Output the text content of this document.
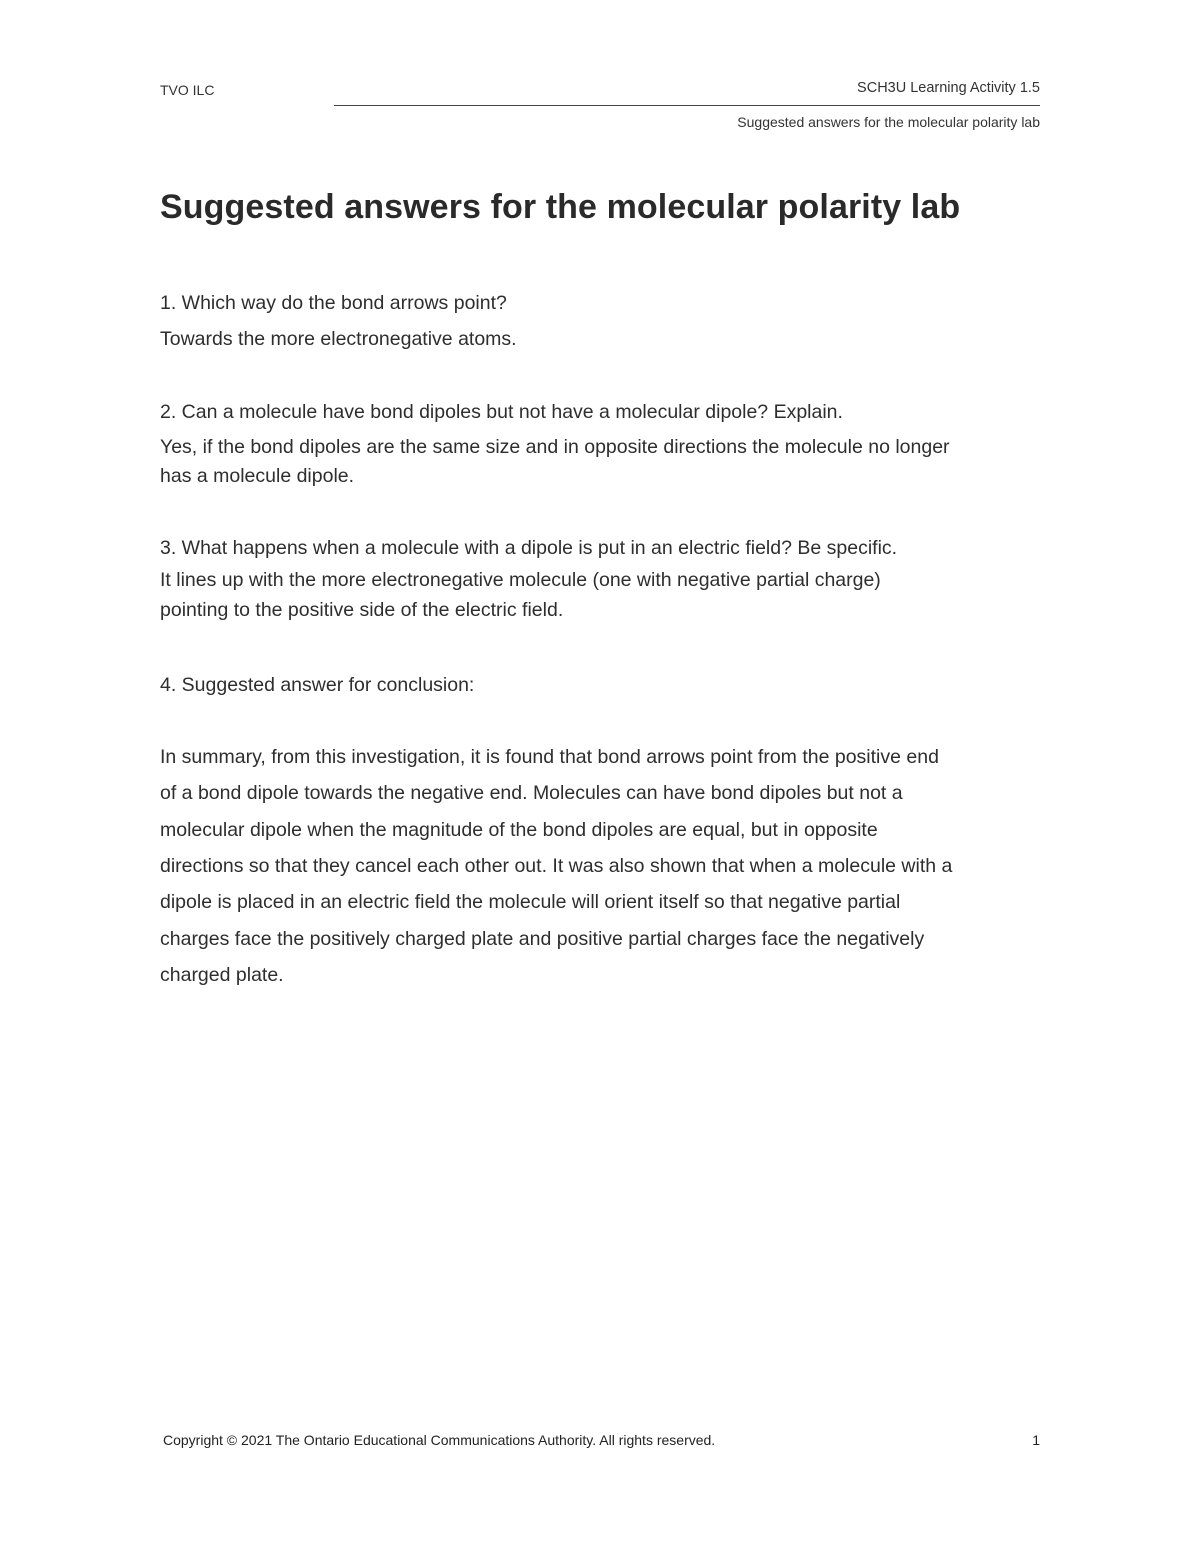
TVO ILC	SCH3U Learning Activity 1.5
Suggested answers for the molecular polarity lab
Suggested answers for the molecular polarity lab
1. Which way do the bond arrows point?
Towards the more electronegative atoms.
2. Can a molecule have bond dipoles but not have a molecular dipole? Explain.
Yes, if the bond dipoles are the same size and in opposite directions the molecule no longer
has a molecule dipole.
3. What happens when a molecule with a dipole is put in an electric field? Be specific.
It lines up with the more electronegative molecule (one with negative partial charge)
pointing to the positive side of the electric field.
4. Suggested answer for conclusion:
In summary, from this investigation, it is found that bond arrows point from the positive end
of a bond dipole towards the negative end. Molecules can have bond dipoles but not a
molecular dipole when the magnitude of the bond dipoles are equal, but in opposite
directions so that they cancel each other out. It was also shown that when a molecule with a
dipole is placed in an electric field the molecule will orient itself so that negative partial
charges face the positively charged plate and positive partial charges face the negatively
charged plate.
Copyright © 2021 The Ontario Educational Communications Authority. All rights reserved.	1
